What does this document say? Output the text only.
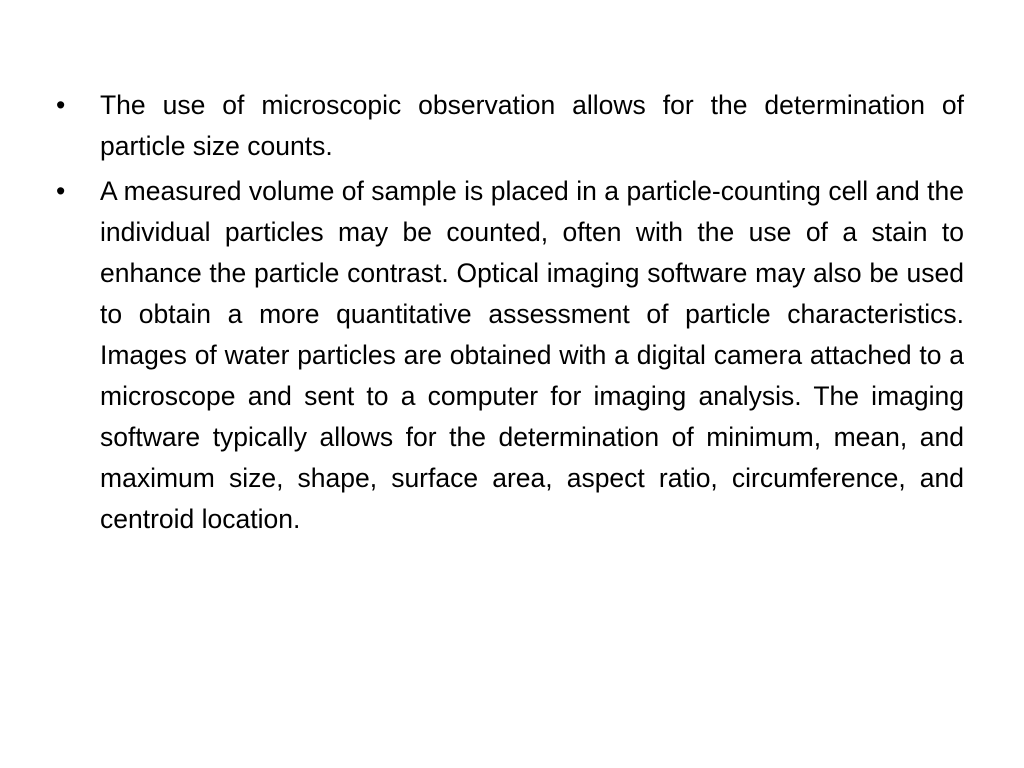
•	The use of microscopic observation allows for the determination of particle size counts.
•	A measured volume of sample is placed in a particle-counting cell and the individual particles may be counted, often with the use of a stain to enhance the particle contrast. Optical imaging software may also be used to obtain a more quantitative assessment of particle characteristics. Images of water particles are obtained with a digital camera attached to a microscope and sent to a computer for imaging analysis. The imaging software typically allows for the determination of minimum, mean, and maximum size, shape, surface area, aspect ratio, circumference, and centroid location.
